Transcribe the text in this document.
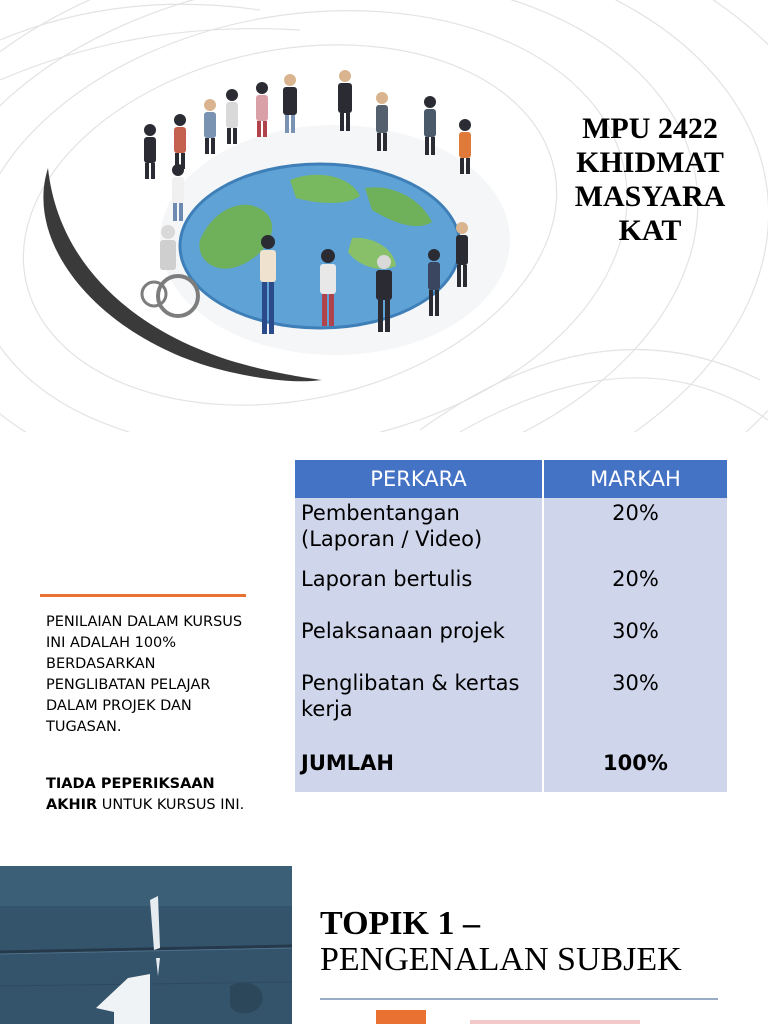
MPU 2422
KHIDMAT
MASYARA
KAT
PERKARA	MARKAH
Pembentangan (Laporan / Video)	20%
Laporan bertulis	20%
Pelaksanaan projek	30%
Penglibatan & kertas kerja	30%
JUMLAH	100%
PENILAIAN DALAM KURSUS INI ADALAH 100% BERDASARKAN PENGLIBATAN PELAJAR DALAM PROJEK DAN TUGASAN.
TIADA PEPERIKSAAN AKHIR UNTUK KURSUS INI.
TOPIK 1 –
PENGENALAN SUBJEK
